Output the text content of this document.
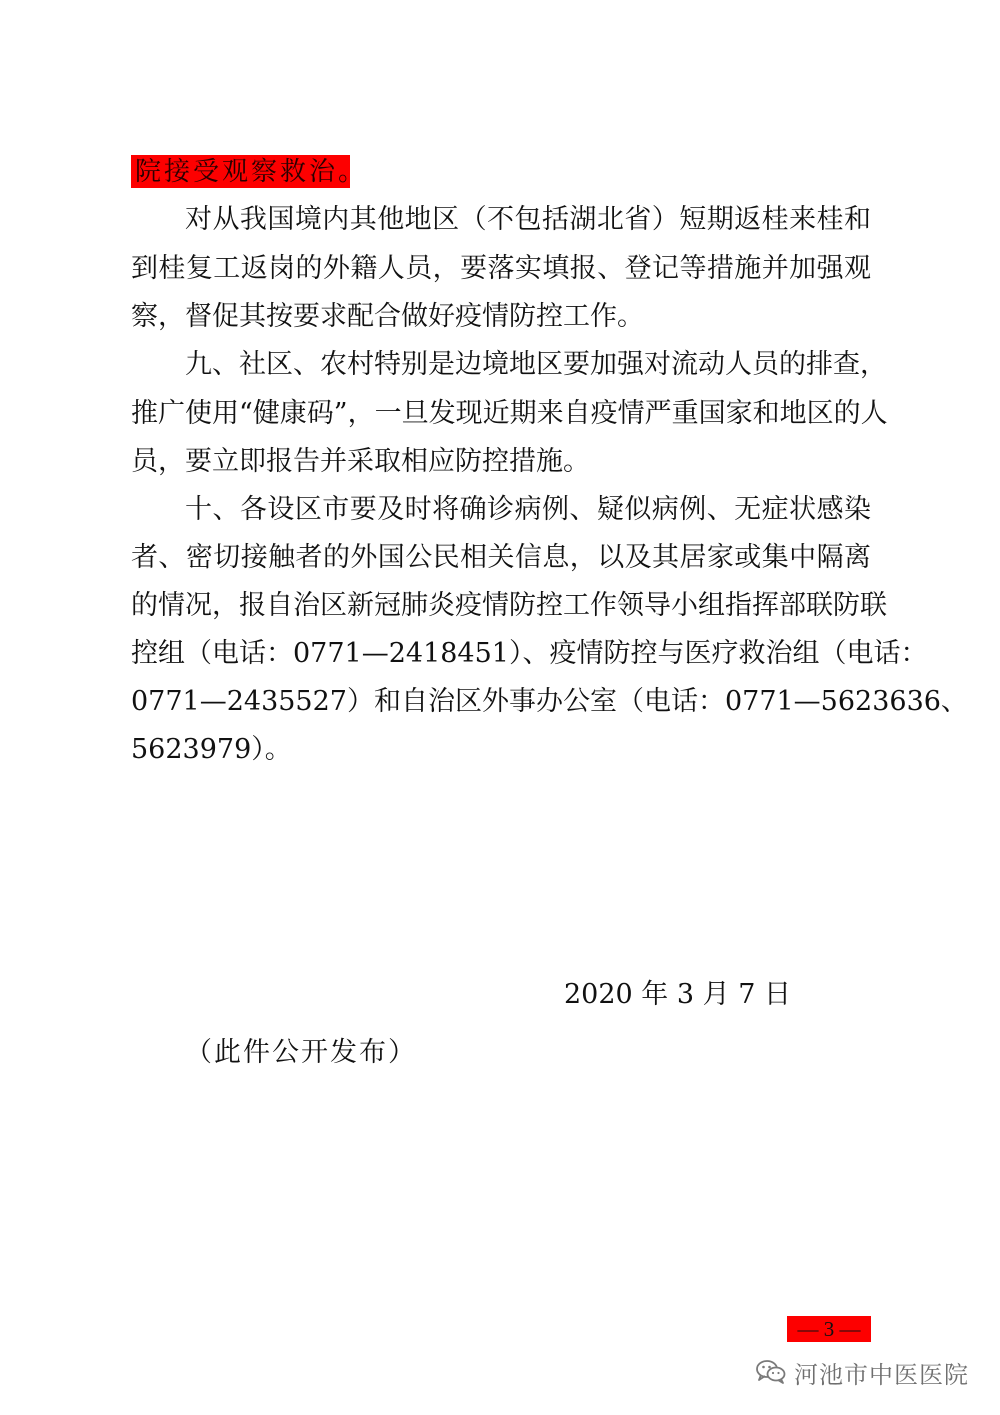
院接受观察救治。
对从我国境内其他地区（不包括湖北省）短期返桂来桂和
到桂复工返岗的外籍人员，要落实填报、登记等措施并加强观
察，督促其按要求配合做好疫情防控工作。
九、社区、农村特别是边境地区要加强对流动人员的排查，
推广使用“健康码”，一旦发现近期来自疫情严重国家和地区的人
员，要立即报告并采取相应防控措施。
十、各设区市要及时将确诊病例、疑似病例、无症状感染
者、密切接触者的外国公民相关信息，以及其居家或集中隔离
的情况，报自治区新冠肺炎疫情防控工作领导小组指挥部联防联
控组（电话：0771—2418451）、疫情防控与医疗救治组（电话：
0771—2435527）和自治区外事办公室（电话：0771—5623636、
5623979）。
2020 年 3 月 7 日
（此件公开发布）
— 3 —
河池市中医医院
